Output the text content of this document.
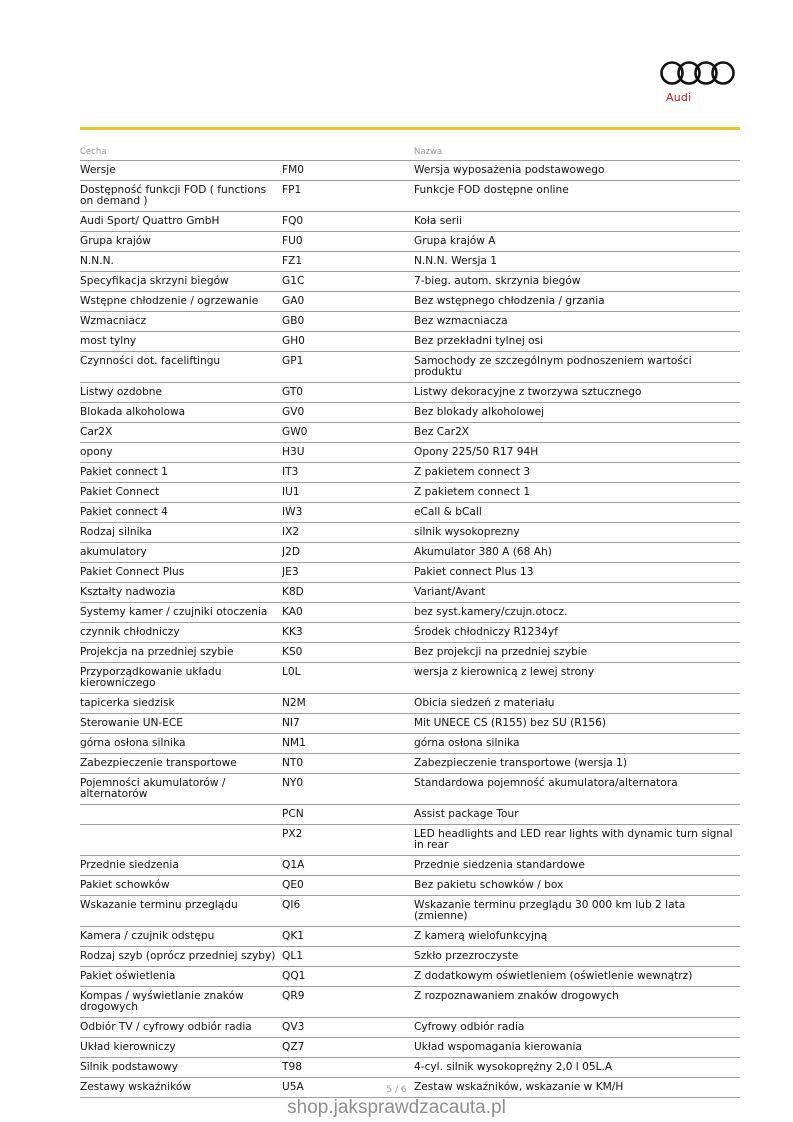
Audi
Cecha		Nazwa
Wersje	FM0	Wersja wyposażenia podstawowego
Dostępność funkcji FOD ( functions on demand )	FP1	Funkcje FOD dostępne online
Audi Sport/ Quattro GmbH	FQ0	Koła serii
Grupa krajów	FU0	Grupa krajów A
N.N.N.	FZ1	N.N.N. Wersja 1
Specyfikacja skrzyni biegów	G1C	7-bieg. autom. skrzynia biegów
Wstępne chłodzenie / ogrzewanie	GA0	Bez wstępnego chłodzenia / grzania
Wzmacniacz	GB0	Bez wzmacniacza
most tylny	GH0	Bez przekładni tylnej osi
Czynności dot. faceliftingu	GP1	Samochody ze szczególnym podnoszeniem wartości produktu
Listwy ozdobne	GT0	Listwy dekoracyjne z tworzywa sztucznego
Blokada alkoholowa	GV0	Bez blokady alkoholowej
Car2X	GW0	Bez Car2X
opony	H3U	Opony 225/50 R17 94H
Pakiet connect 1	IT3	Z pakietem connect 3
Pakiet Connect	IU1	Z pakietem connect 1
Pakiet connect 4	IW3	eCall & bCall
Rodzaj silnika	IX2	silnik wysokoprezny
akumulatory	J2D	Akumulator 380 A (68 Ah)
Pakiet Connect Plus	JE3	Pakiet connect Plus 13
Kształty nadwozia	K8D	Variant/Avant
Systemy kamer / czujniki otoczenia	KA0	bez syst.kamery/czujn.otocz.
czynnik chłodniczy	KK3	Środek chłodniczy R1234yf
Projekcja na przedniej szybie	KS0	Bez projekcji na przedniej szybie
Przyporządkowanie układu kierowniczego	L0L	wersja z kierownicą z lewej strony
tapicerka siedzisk	N2M	Obicia siedzeń z materiału
Sterowanie UN-ECE	NI7	Mit UNECE CS (R155) bez SU (R156)
górna osłona silnika	NM1	górna osłona silnika
Zabezpieczenie transportowe	NT0	Zabezpieczenie transportowe (wersja 1)
Pojemności akumulatorów / alternatorów	NY0	Standardowa pojemność akumulatora/alternatora
	PCN	Assist package Tour
	PX2	LED headlights and LED rear lights with dynamic turn signal in rear
Przednie siedzenia	Q1A	Przednie siedzenia standardowe
Pakiet schowków	QE0	Bez pakietu schowków / box
Wskazanie terminu przeglądu	QI6	Wskazanie terminu przeglądu 30 000 km lub 2 lata (zmienne)
Kamera / czujnik odstępu	QK1	Z kamerą wielofunkcyjną
Rodzaj szyb (oprócz przedniej szyby)	QL1	Szkło przezroczyste
Pakiet oświetlenia	QQ1	Z dodatkowym oświetleniem (oświetlenie wewnątrz)
Kompas / wyświetlanie znaków drogowych	QR9	Z rozpoznawaniem znaków drogowych
Odbiór TV / cyfrowy odbiór radia	QV3	Cyfrowy odbiór radia
Układ kierowniczy	QZ7	Układ wspomagania kierowania
Silnik podstawowy	T98	4-cyl. silnik wysokoprężny 2,0 l 05L.A
Zestawy wskaźników	U5A	Zestaw wskaźników, wskazanie w KM/H
5 / 6
shop.jaksprawdzacauta.pl
